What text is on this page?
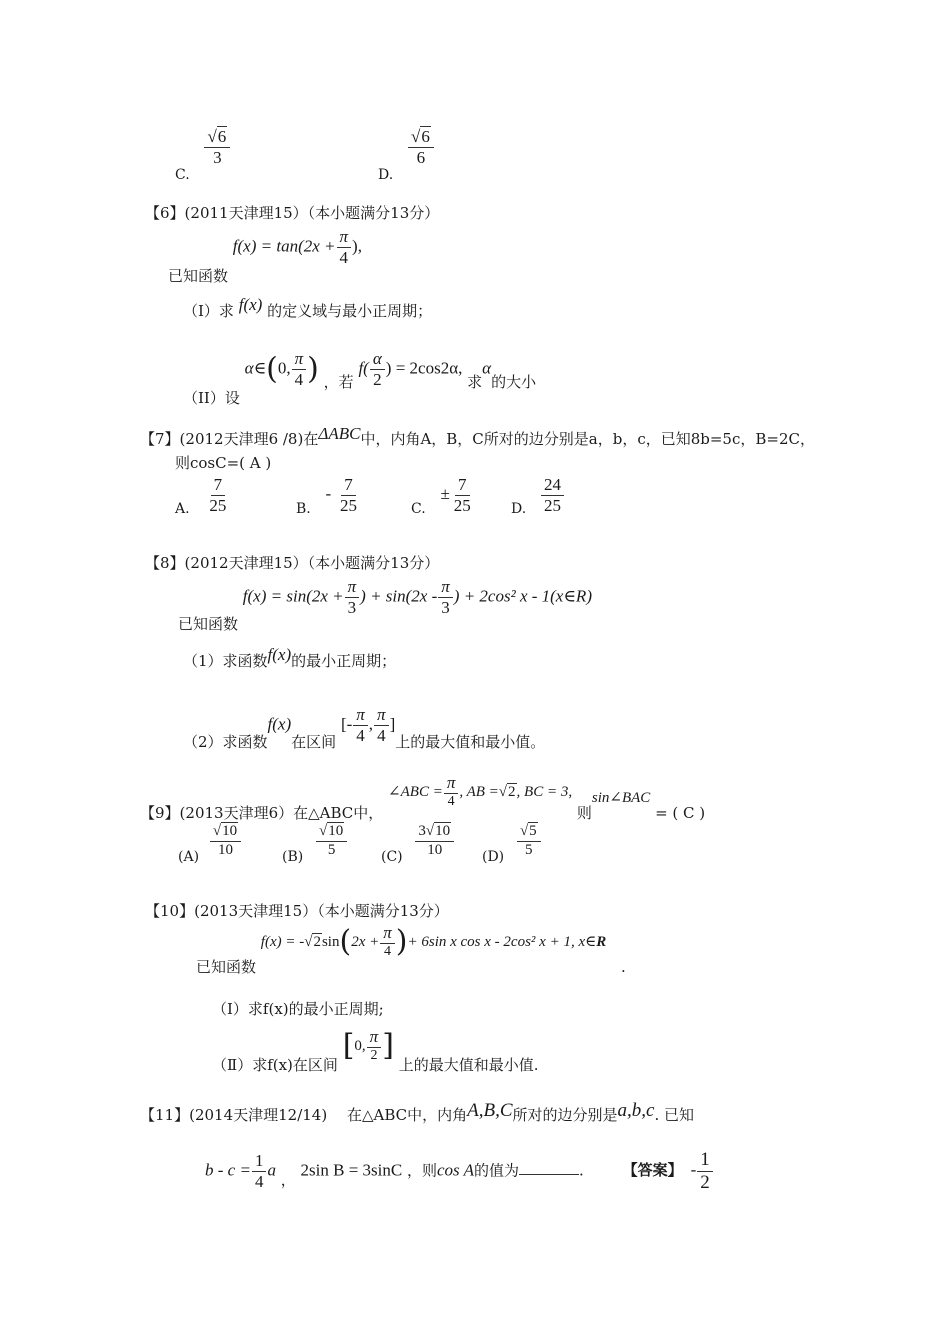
C.
$\frac{√6}{3}$
D.
$\frac{√6}{6}$
【6】(2011天津理15）（本小题满分13分）
已知函数 $f(x) = \tan(2x + \frac{\pi}{4}$ ),
（Ⅰ）求 f(x) 的定义域与最小正周期；
（II）设 α∈(0, $\frac{\pi}{4}$ ) ，若 $f( \frac{\alpha}{2}$ ) = 2cos2α, 求α的大小
【7】(2012天津理6 /8)在ΔABC中，内角A，B，C所对的边分别是a，b，c，已知8b=5c，B=2C，
则cosC=( A )
A. $\frac{7}{25}$	B. - $\frac{7}{25}$	C. ± $\frac{7}{25}$	D. $\frac{24}{25}$
【8】(2012天津理15）（本小题满分13分）
已知函数 $f(x) = \sin(2x + \frac{\pi}{3}$ ) + $\sin(2x - \frac{\pi}{3}$ ) + 2cos² x - 1(x∈R)
（1）求函数f(x)的最小正周期；
（2）求函数f(x)在区间 [- $\frac{\pi}{4}$ , $\frac{\pi}{4}$ ]上的最大值和最小值。
【9】(2013天津理6）在△ABC中， ∠ABC = $\frac{\pi}{4}$ , AB =√2, BC = 3, 则sin∠BAC = ( C )
$(A) \frac{√10}{10}$	$(B) \frac{√10}{5} (C) \frac{3√10}{10} (D) \frac{√5}{5}$
【10】(2013天津理15）（本小题满分13分）
已知函数 $f(x) = -√2\sin(2x + \frac{\pi}{4}$ )+ 6sin x cos x - 2cos² x + 1, x∈R .
（Ⅰ）求f(x)的最小正周期;
（Ⅱ）求f(x)在区间 [0, $\frac{\pi}{2}$ ] 上的最大值和最小值.
【11】(2014天津理12/14)　 在△ABC中，内角A,B,C所对的边分别是a,b,c. 已知
$b - c = \frac{1}{4}$ a ， 2sin B = 3sinC ，则cos A的值为	.	【答案】 - $\frac{1}{2}$
